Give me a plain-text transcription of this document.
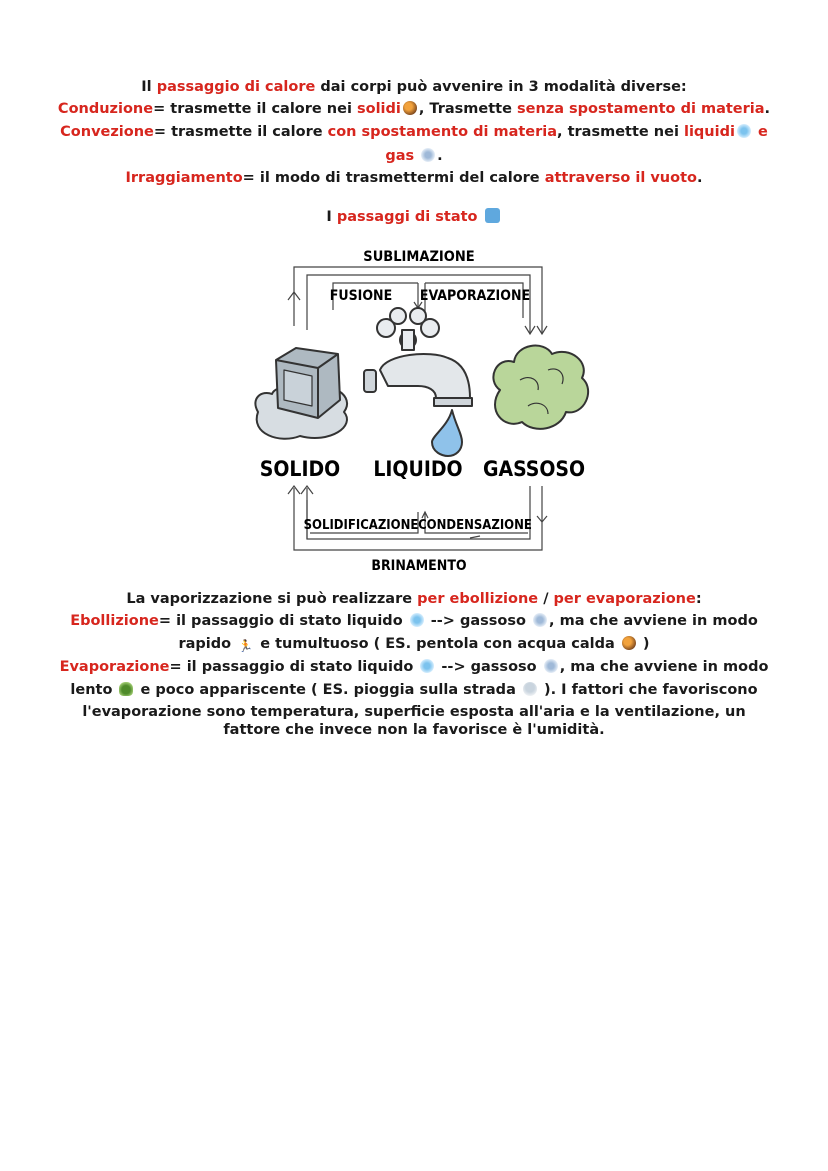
Il passaggio di calore dai corpi può avvenire in 3 modalità diverse:
Conduzione= trasmette il calore nei solidi , Trasmette senza spostamento di materia.
Convezione= trasmette il calore con spostamento di materia, trasmette nei liquidi e
gas .
Irraggiamento= il modo di trasmettermi del calore attraverso il vuoto.
I passaggi di stato
SUBLIMAZIONE
FUSIONE EVAPORAZIONE
SOLIDO LIQUIDO GASSOSO
SOLIDIFICAZIONE CONDENSAZIONE
BRINAMENTO
La vaporizzazione si può realizzare per ebollizione / per evaporazione:
Ebollizione= il passaggio di stato liquido  --> gassoso , ma che avviene in modo
rapido 🏃 e tumultuoso ( ES. pentola con acqua calda  )
Evaporazione= il passaggio di stato liquido  --> gassoso , ma che avviene in modo
lento  e poco appariscente ( ES. pioggia sulla strada  ). I fattori che favoriscono
l'evaporazione sono temperatura, superficie esposta all'aria e la ventilazione, un
fattore che invece non la favorisce è l'umidità.
